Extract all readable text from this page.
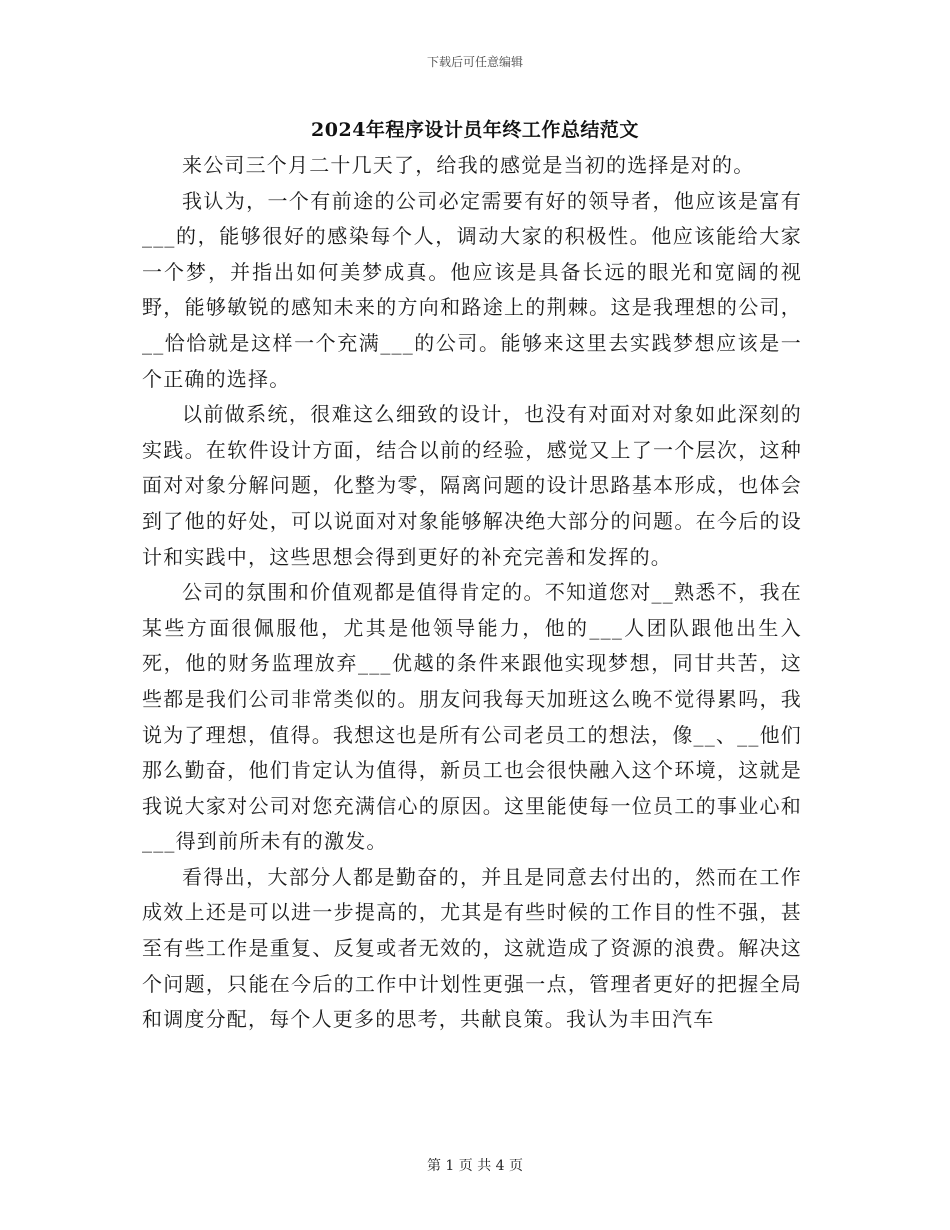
下载后可任意编辑
2024年程序设计员年终工作总结范文

来公司三个月二十几天了，给我的感觉是当初的选择是对的。

我认为，一个有前途的公司必定需要有好的领导者，他应该是富有___的，能够很好的感染每个人，调动大家的积极性。他应该能给大家一个梦，并指出如何美梦成真。他应该是具备长远的眼光和宽阔的视野，能够敏锐的感知未来的方向和路途上的荆棘。这是我理想的公司，__恰恰就是这样一个充满___的公司。能够来这里去实践梦想应该是一个正确的选择。

以前做系统，很难这么细致的设计，也没有对面对对象如此深刻的实践。在软件设计方面，结合以前的经验，感觉又上了一个层次，这种面对对象分解问题，化整为零，隔离问题的设计思路基本形成，也体会到了他的好处，可以说面对对象能够解决绝大部分的问题。在今后的设计和实践中，这些思想会得到更好的补充完善和发挥的。

公司的氛围和价值观都是值得肯定的。不知道您对__熟悉不，我在某些方面很佩服他，尤其是他领导能力，他的___人团队跟他出生入死，他的财务监理放弃___优越的条件来跟他实现梦想，同甘共苦，这些都是我们公司非常类似的。朋友问我每天加班这么晚不觉得累吗，我说为了理想，值得。我想这也是所有公司老员工的想法，像__、__他们那么勤奋，他们肯定认为值得，新员工也会很快融入这个环境，这就是我说大家对公司对您充满信心的原因。这里能使每一位员工的事业心和___得到前所未有的激发。

看得出，大部分人都是勤奋的，并且是同意去付出的，然而在工作成效上还是可以进一步提高的，尤其是有些时候的工作目的性不强，甚至有些工作是重复、反复或者无效的，这就造成了资源的浪费。解决这个问题，只能在今后的工作中计划性更强一点，管理者更好的把握全局和调度分配，每个人更多的思考，共献良策。我认为丰田汽车

第 1 页 共 4 页
